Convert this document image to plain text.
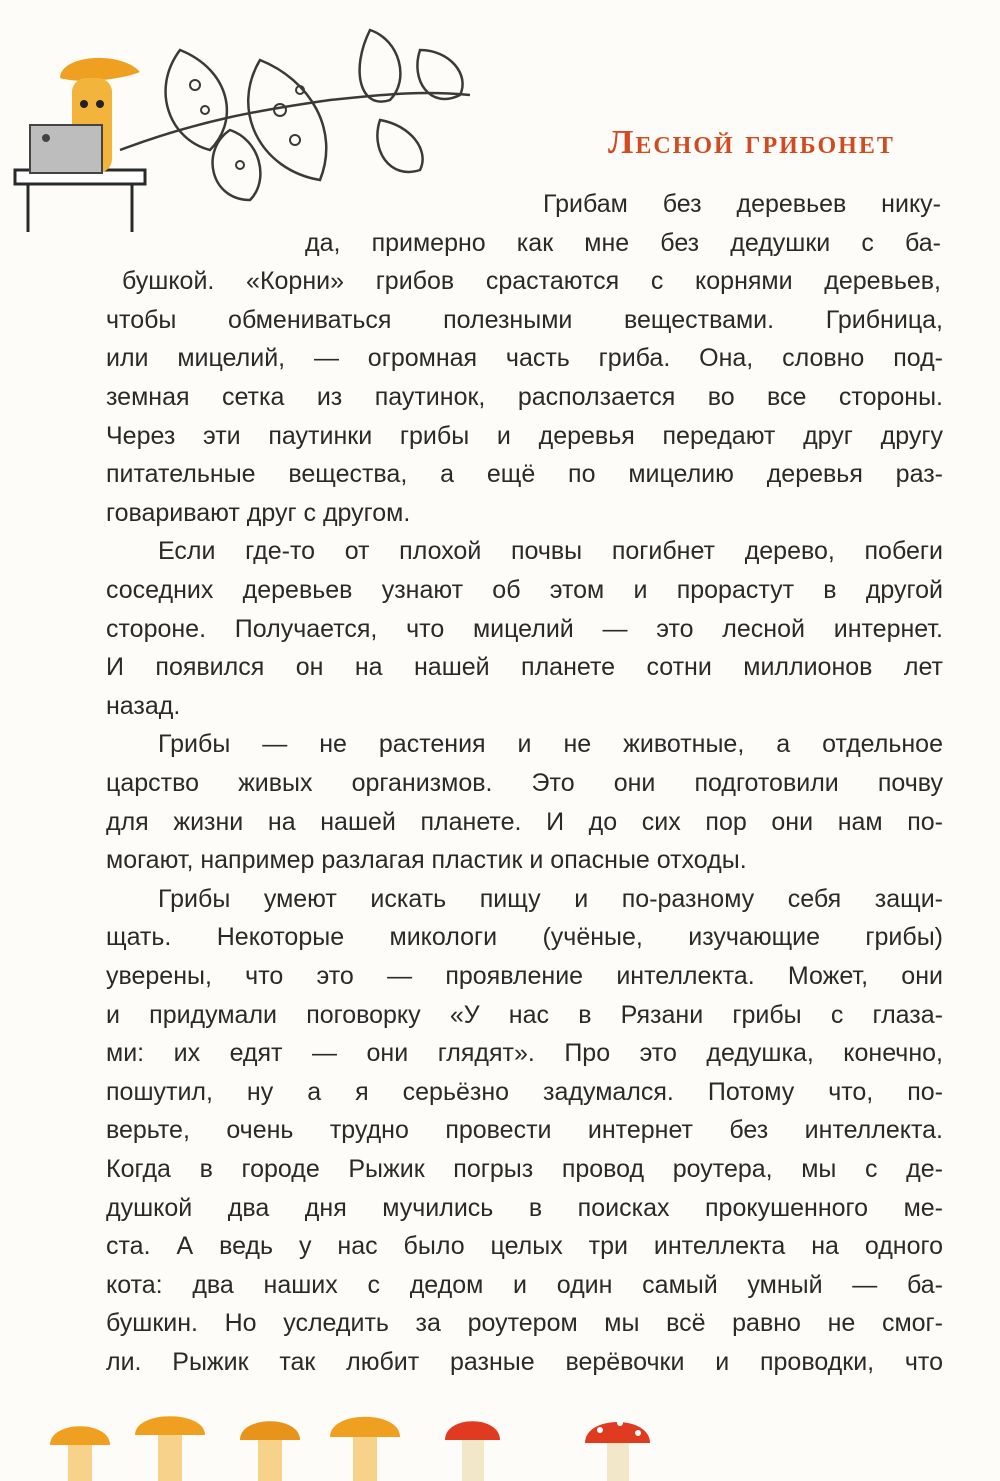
Лесной грибонет

Грибам без деревьев нику-

да, примерно как мне без дедушки с ба-

бушкой. «Корни» грибов срастаются с корнями деревьев,

чтобы обмениваться полезными веществами. Грибница,

или мицелий, — огромная часть гриба. Она, словно под-

земная сетка из паутинок, расползается во все стороны.

Через эти паутинки грибы и деревья передают друг другу

питательные вещества, а ещё по мицелию деревья раз-

говаривают друг с другом.

Если где-то от плохой почвы погибнет дерево, побеги

соседних деревьев узнают об этом и прорастут в другой

стороне. Получается, что мицелий — это лесной интернет.

И появился он на нашей планете сотни миллионов лет

назад.

Грибы — не растения и не животные, а отдельное

царство живых организмов. Это они подготовили почву

для жизни на нашей планете. И до сих пор они нам по-

могают, например разлагая пластик и опасные отходы.

Грибы умеют искать пищу и по-разному себя защи-

щать. Некоторые микологи (учёные, изучающие грибы)

уверены, что это — проявление интеллекта. Может, они

и придумали поговорку «У нас в Рязани грибы с глаза-

ми: их едят — они глядят». Про это дедушка, конечно,

пошутил, ну а я серьёзно задумался. Потому что, по-

верьте, очень трудно провести интернет без интеллекта.

Когда в городе Рыжик погрыз провод роутера, мы с де-

душкой два дня мучились в поисках прокушенного ме-

ста. А ведь у нас было целых три интеллекта на одного

кота: два наших с дедом и один самый умный — ба-

бушкин. Но уследить за роутером мы всё равно не смог-

ли. Рыжик так любит разные верёвочки и проводки, что
